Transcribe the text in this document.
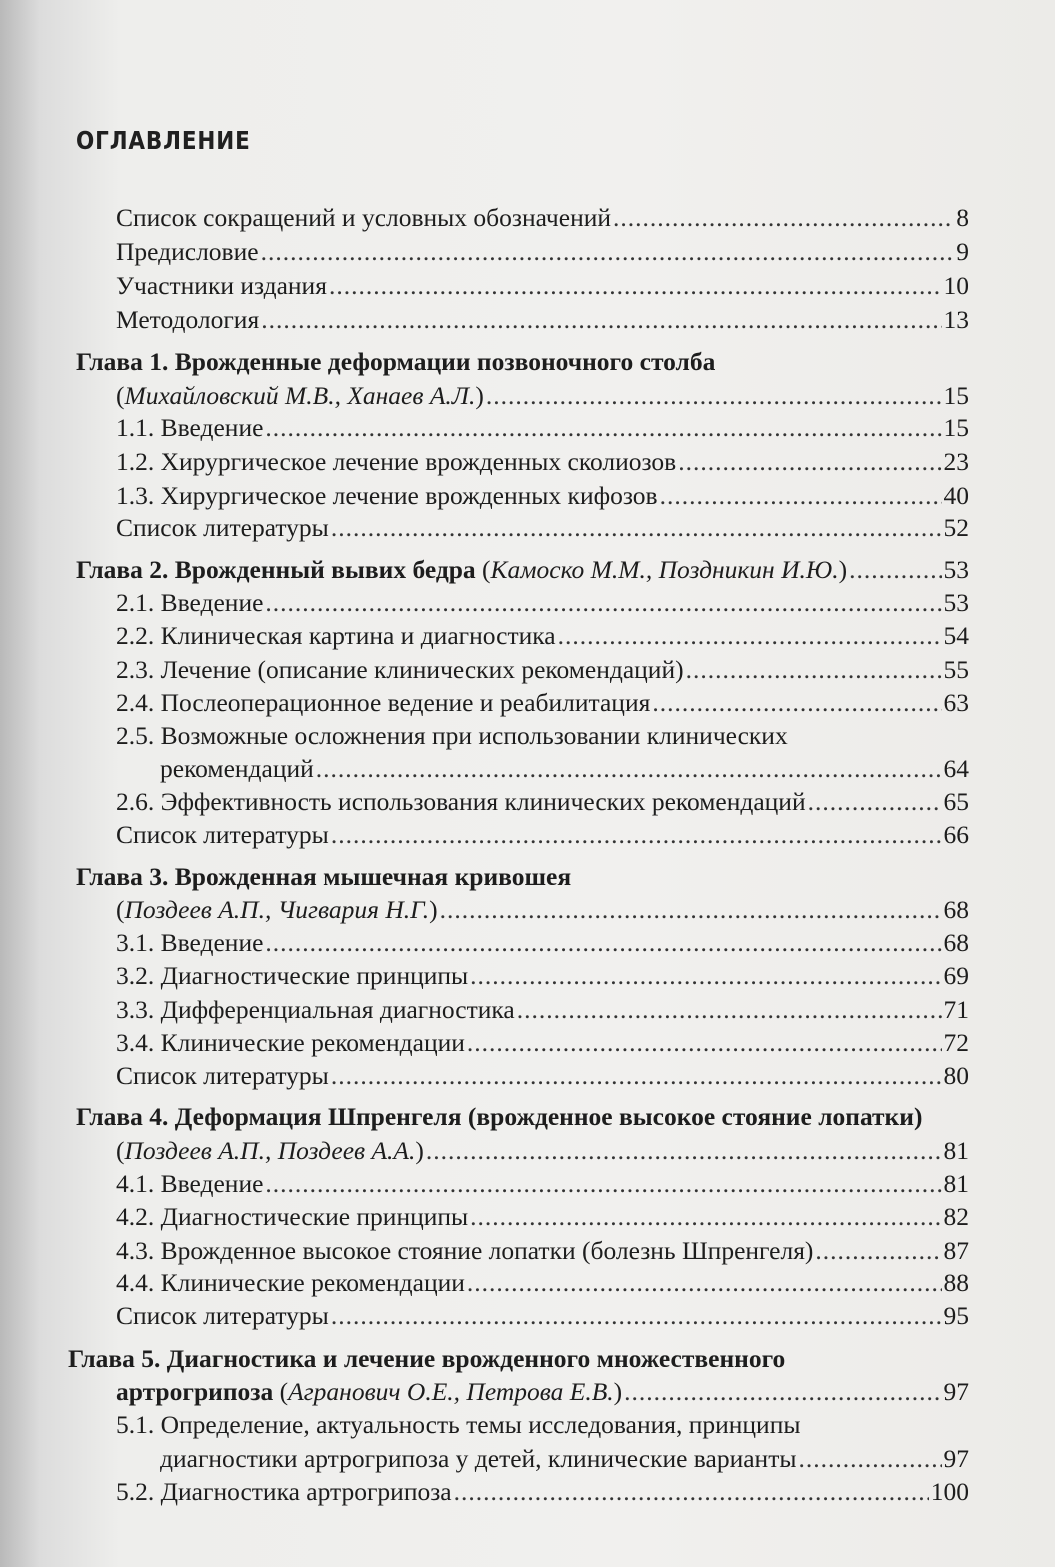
ОГЛАВЛЕНИЕ
Список сокращений и условных обозначений .....	8
Предисловие .....	9
Участники издания .....	10
Методология .....	13
Глава 1. Врожденные деформации позвоночного столба
(Михайловский М.В., Ханаев А.Л.) .....	15
1.1. Введение .....	15
1.2. Хирургическое лечение врожденных сколиозов .....	23
1.3. Хирургическое лечение врожденных кифозов .....	40
Список литературы .....	52
Глава 2. Врожденный вывих бедра (Камоско М.М., Поздникин И.Ю.) .....	53
2.1. Введение .....	53
2.2. Клиническая картина и диагностика .....	54
2.3. Лечение (описание клинических рекомендаций) .....	55
2.4. Послеоперационное ведение и реабилитация .....	63
2.5. Возможные осложнения при использовании клинических
рекомендаций .....	64
2.6. Эффективность использования клинических рекомендаций .....	65
Список литературы .....	66
Глава 3. Врожденная мышечная кривошея
(Поздеев А.П., Чигвария Н.Г.) .....	68
3.1. Введение .....	68
3.2. Диагностические принципы .....	69
3.3. Дифференциальная диагностика .....	71
3.4. Клинические рекомендации .....	72
Список литературы .....	80
Глава 4. Деформация Шпренгеля (врожденное высокое стояние лопатки)
(Поздеев А.П., Поздеев А.А.) .....	81
4.1. Введение .....	81
4.2. Диагностические принципы .....	82
4.3. Врожденное высокое стояние лопатки (болезнь Шпренгеля) .....	87
4.4. Клинические рекомендации .....	88
Список литературы .....	95
Глава 5. Диагностика и лечение врожденного множественного
артрогрипоза (Агранович О.Е., Петрова Е.В.) .....	97
5.1. Определение, актуальность темы исследования, принципы
диагностики артрогрипоза у детей, клинические варианты .....	97
5.2. Диагностика артрогрипоза .....	100
